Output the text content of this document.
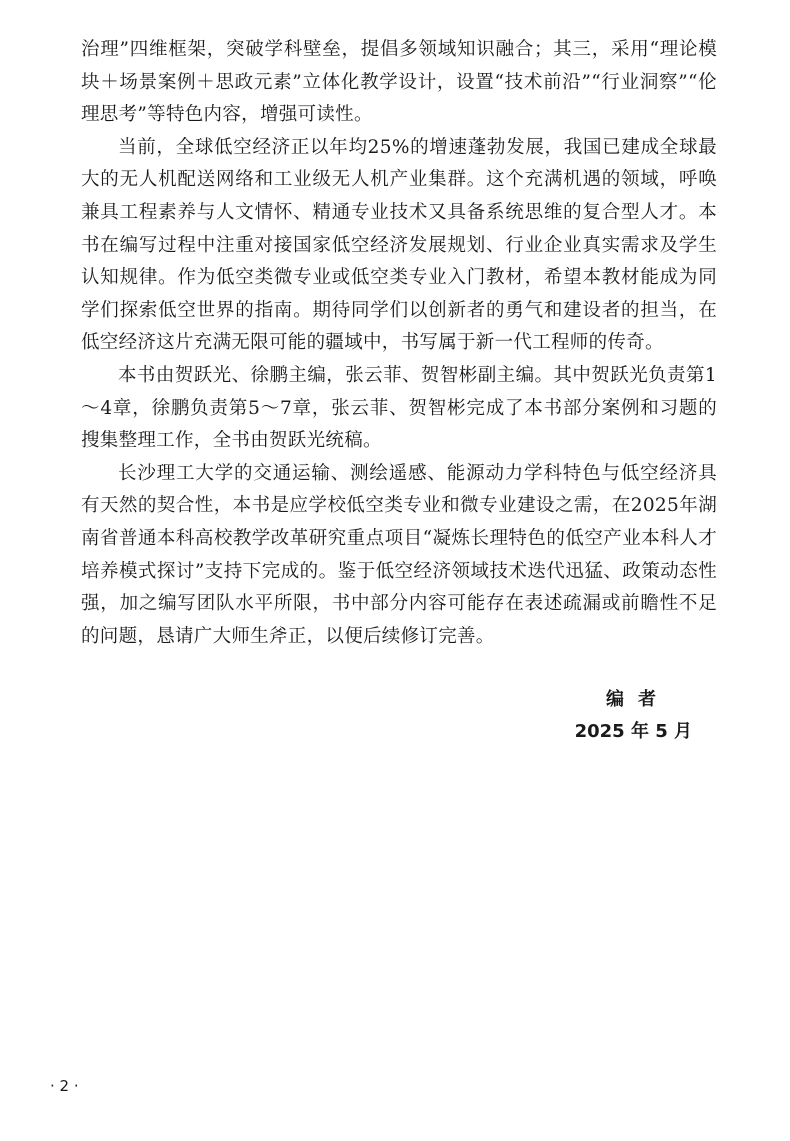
治理”四维框架，突破学科壁垒，提倡多领域知识融合；其三，采用“理论模块＋场景案例＋思政元素”立体化教学设计，设置“技术前沿”“行业洞察”“伦理思考”等特色内容，增强可读性。

当前，全球低空经济正以年均25%的增速蓬勃发展，我国已建成全球最大的无人机配送网络和工业级无人机产业集群。这个充满机遇的领域，呼唤兼具工程素养与人文情怀、精通专业技术又具备系统思维的复合型人才。本书在编写过程中注重对接国家低空经济发展规划、行业企业真实需求及学生认知规律。作为低空类微专业或低空类专业入门教材，希望本教材能成为同学们探索低空世界的指南。期待同学们以创新者的勇气和建设者的担当，在低空经济这片充满无限可能的疆域中，书写属于新一代工程师的传奇。

本书由贺跃光、徐鹏主编，张云菲、贺智彬副主编。其中贺跃光负责第1～4章，徐鹏负责第5～7章，张云菲、贺智彬完成了本书部分案例和习题的搜集整理工作，全书由贺跃光统稿。

长沙理工大学的交通运输、测绘遥感、能源动力学科特色与低空经济具有天然的契合性，本书是应学校低空类专业和微专业建设之需，在2025年湖南省普通本科高校教学改革研究重点项目“凝炼长理特色的低空产业本科人才培养模式探讨”支持下完成的。鉴于低空经济领域技术迭代迅猛、政策动态性强，加之编写团队水平所限，书中部分内容可能存在表述疏漏或前瞻性不足的问题，恳请广大师生斧正，以便后续修订完善。

编者
2025 年 5 月
· 2 ·
